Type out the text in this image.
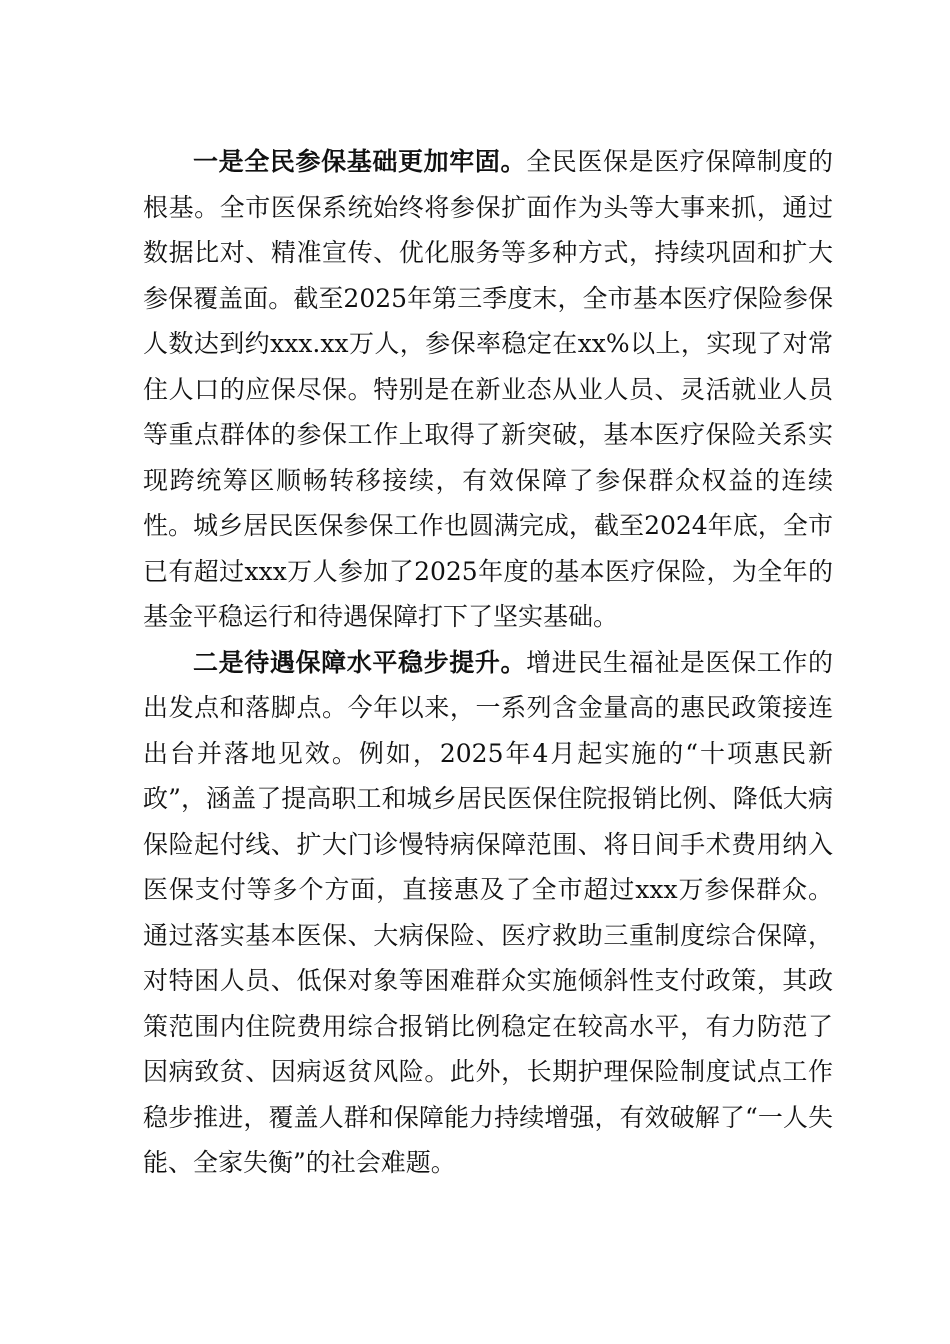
一是全民参保基础更加牢固。全民医保是医疗保障制度的根基。全市医保系统始终将参保扩面作为头等大事来抓，通过数据比对、精准宣传、优化服务等多种方式，持续巩固和扩大参保覆盖面。截至2025年第三季度末，全市基本医疗保险参保人数达到约xxx.xx万人，参保率稳定在xx%以上，实现了对常住人口的应保尽保。特别是在新业态从业人员、灵活就业人员等重点群体的参保工作上取得了新突破，基本医疗保险关系实现跨统筹区顺畅转移接续，有效保障了参保群众权益的连续性。城乡居民医保参保工作也圆满完成，截至2024年底，全市已有超过xxx万人参加了2025年度的基本医疗保险，为全年的基金平稳运行和待遇保障打下了坚实基础。

二是待遇保障水平稳步提升。增进民生福祉是医保工作的出发点和落脚点。今年以来，一系列含金量高的惠民政策接连出台并落地见效。例如，2025年4月起实施的“十项惠民新政”，涵盖了提高职工和城乡居民医保住院报销比例、降低大病保险起付线、扩大门诊慢特病保障范围、将日间手术费用纳入医保支付等多个方面，直接惠及了全市超过xxx万参保群众。通过落实基本医保、大病保险、医疗救助三重制度综合保障，对特困人员、低保对象等困难群众实施倾斜性支付政策，其政策范围内住院费用综合报销比例稳定在较高水平，有力防范了因病致贫、因病返贫风险。此外，长期护理保险制度试点工作稳步推进，覆盖人群和保障能力持续增强，有效破解了“一人失能、全家失衡”的社会难题。
